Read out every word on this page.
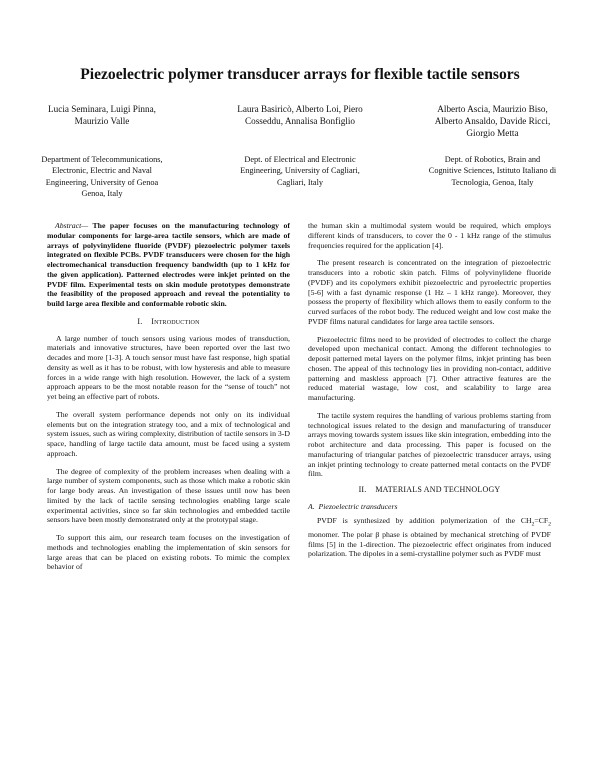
Piezoelectric polymer transducer arrays for flexible tactile sensors
Lucia Seminara, Luigi Pinna,
Maurizio Valle
Laura Basiricò, Alberto Loi, Piero
Cosseddu, Annalisa Bonfiglio
Alberto Ascia, Maurizio Biso,
Alberto Ansaldo, Davide Ricci,
Giorgio Metta
Department of Telecommunications,
Electronic, Electric and Naval
Engineering, University of Genoa
Genoa, Italy
Dept. of Electrical and Electronic
Engineering, University of Cagliari,
Cagliari, Italy
Dept. of Robotics, Brain and
Cognitive Sciences, Istituto Italiano di
Tecnologia, Genoa, Italy

Abstract— The paper focuses on the manufacturing technology of modular components for large-area tactile sensors, which are made of arrays of polyvinylidene fluoride (PVDF) piezoelectric polymer taxels integrated on flexible PCBs. PVDF transducers were chosen for the high electromechanical transduction frequency bandwidth (up to 1 kHz for the given application). Patterned electrodes were inkjet printed on the PVDF film. Experimental tests on skin module prototypes demonstrate the feasibility of the proposed approach and reveal the potentiality to build large area flexible and conformable robotic skin.

I. Introduction

A large number of touch sensors using various modes of transduction, materials and innovative structures, have been reported over the last two decades and more [1-3]. A touch sensor must have fast response, high spatial density as well as it has to be robust, with low hysteresis and able to measure forces in a wide range with high resolution. However, the lack of a system approach appears to be the most notable reason for the “sense of touch” not yet being an effective part of robots.

The overall system performance depends not only on its individual elements but on the integration strategy too, and a mix of technological and system issues, such as wiring complexity, distribution of tactile sensors in 3-D space, handling of large tactile data amount, must be faced using a system approach.

The degree of complexity of the problem increases when dealing with a large number of system components, such as those which make a robotic skin for large body areas. An investigation of these issues until now has been limited by the lack of tactile sensing technologies enabling large scale experimental activities, since so far skin technologies and embedded tactile sensors have been mostly demonstrated only at the prototypal stage.

To support this aim, our research team focuses on the investigation of methods and technologies enabling the implementation of skin sensors for large areas that can be placed on existing robots. To mimic the complex behavior of

the human skin a multimodal system would be required, which employs different kinds of transducers, to cover the 0 - 1 kHz range of the stimulus frequencies required for the application [4].

The present research is concentrated on the integration of piezoelectric transducers into a robotic skin patch. Films of polyvinylidene fluoride (PVDF) and its copolymers exhibit piezoelectric and pyroelectric properties [5-6] with a fast dynamic response (1 Hz – 1 kHz range). Moreover, they possess the property of flexibility which allows them to easily conform to the curved surfaces of the robot body. The reduced weight and low cost make the PVDF films natural candidates for large area tactile sensors.

Piezoelectric films need to be provided of electrodes to collect the charge developed upon mechanical contact. Among the different technologies to deposit patterned metal layers on the polymer films, inkjet printing has been chosen. The appeal of this technology lies in providing non-contact, additive patterning and maskless approach [7]. Other attractive features are the reduced material wastage, low cost, and scalability to large area manufacturing.

The tactile system requires the handling of various problems starting from technological issues related to the design and manufacturing of transducer arrays moving towards system issues like skin integration, embedding into the robot architecture and data processing. This paper is focused on the manufacturing of triangular patches of piezoelectric transducer arrays, using an inkjet printing technology to create patterned metal contacts on the PVDF film.

II. MATERIALS AND TECHNOLOGY
A. Piezoelectric transducers

PVDF is synthesized by addition polymerization of the $CH_2=CF_2$ monomer. The polar β phase is obtained by mechanical stretching of PVDF films [5] in the 1-direction. The piezoelectric effect originates from induced polarization. The dipoles in a semi-crystalline polymer such as PVDF must
